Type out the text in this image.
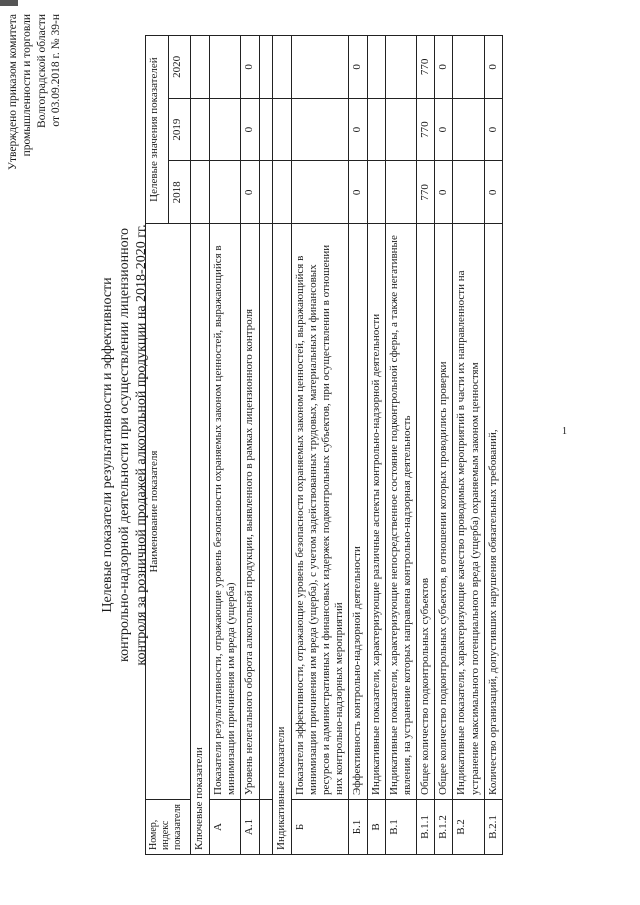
Утверждено приказом комитета промышленности и торговли Волгоградской области от 03.09.2018 г. № 39-н
Целевые показатели результативности и эффективности контрольно-надзорной деятельности при осуществлении лицензионного контроля за розничной продажей алкогольной продукции на 2018-2020 гг.
Номер, индекс показателя	Наименование показателя	Целевые значения показателей		
		2018	2019	2020
Ключевые показатели				
А	Показатели результативности, отражающие уровень безопасности охраняемых законом ценностей, выражающийся в минимизации причинения им вреда (ущерба)			
А.1	Уровень нелегального оборота алкогольной продукции, выявленного в рамках лицензионного контроля	0	0	0

Индикативные показатели				
Б	Показатели эффективности, отражающие уровень безопасности охраняемых законом ценностей, выражающийся в минимизации причинения им вреда (ущерба), с учетом задействованных трудовых, материальных и финансовых ресурсов и административных и финансовых издержек подконтрольных субъектов, при осуществлении в отношении них контрольно-надзорных мероприятий			
Б.1	Эффективность контрольно-надзорной деятельности	0	0	0
В	Индикативные показатели, характеризующие различные аспекты контрольно-надзорной деятельности			
В.1	Индикативные показатели, характеризующие непосредственное состояние подконтрольной сферы, а также негативные явления, на устранение которых направлена контрольно-надзорная деятельность			
В.1.1	Общее количество подконтрольных субъектов	770	770	770
В.1.2	Общее количество подконтрольных субъектов, в отношении которых проводились проверки	0	0	0
В.2	Индикативные показатели, характеризующие качество проводимых мероприятий в части их направленности на устранение максимального потенциального вреда (ущерба) охраняемым законом ценностям			
В.2.1	Количество организаций, допустивших нарушения обязательных требований,	0	0	0
1
